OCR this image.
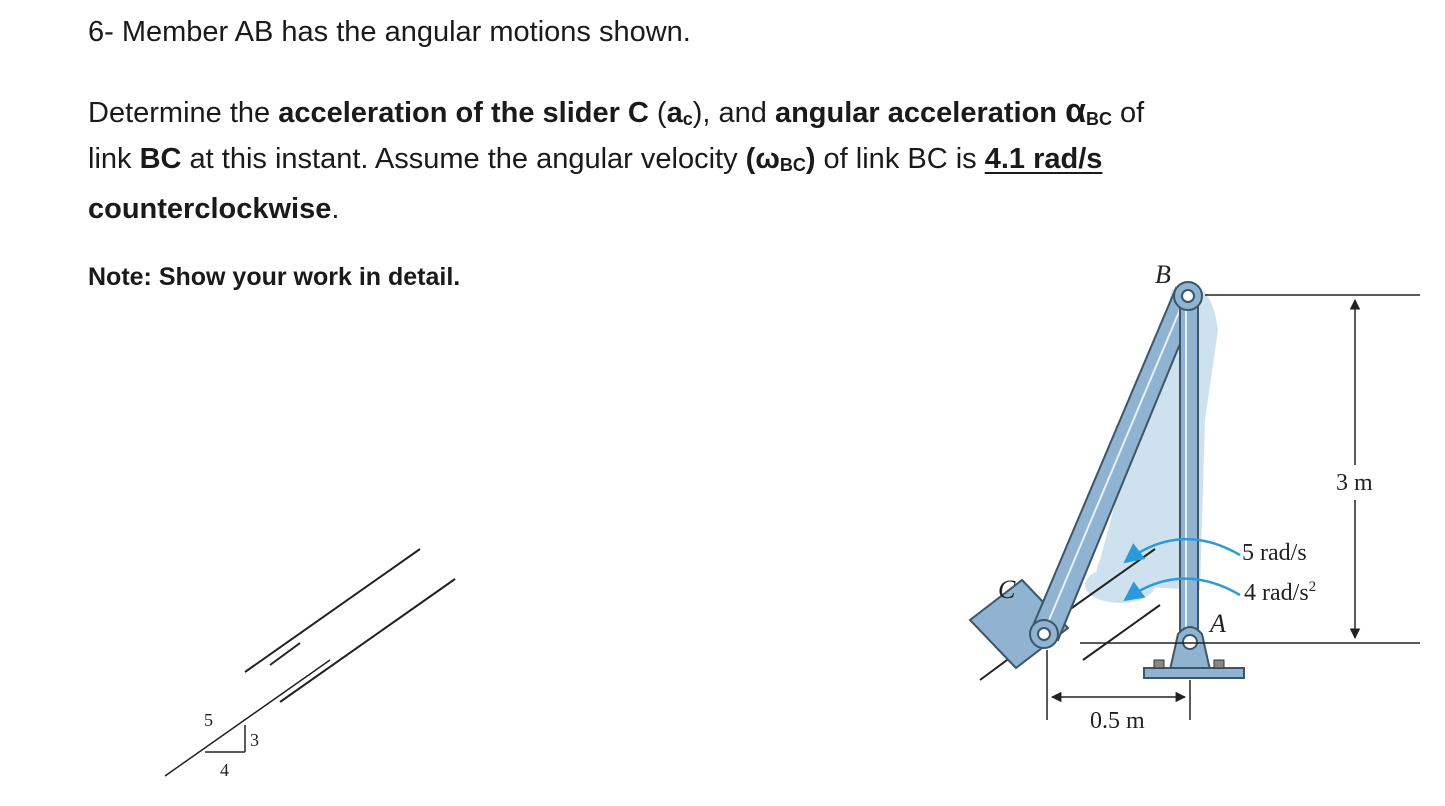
6- Member AB has the angular motions shown.
Determine the acceleration of the slider C (ac), and angular acceleration αBC of
link BC at this instant. Assume the angular velocity (ωBC) of link BC is 4.1 rad/s
counterclockwise.
Note: Show your work in detail.
5
3
4
3 m
0.5 m
5 rad/s
4 rad/$s^2$
B
C
A
